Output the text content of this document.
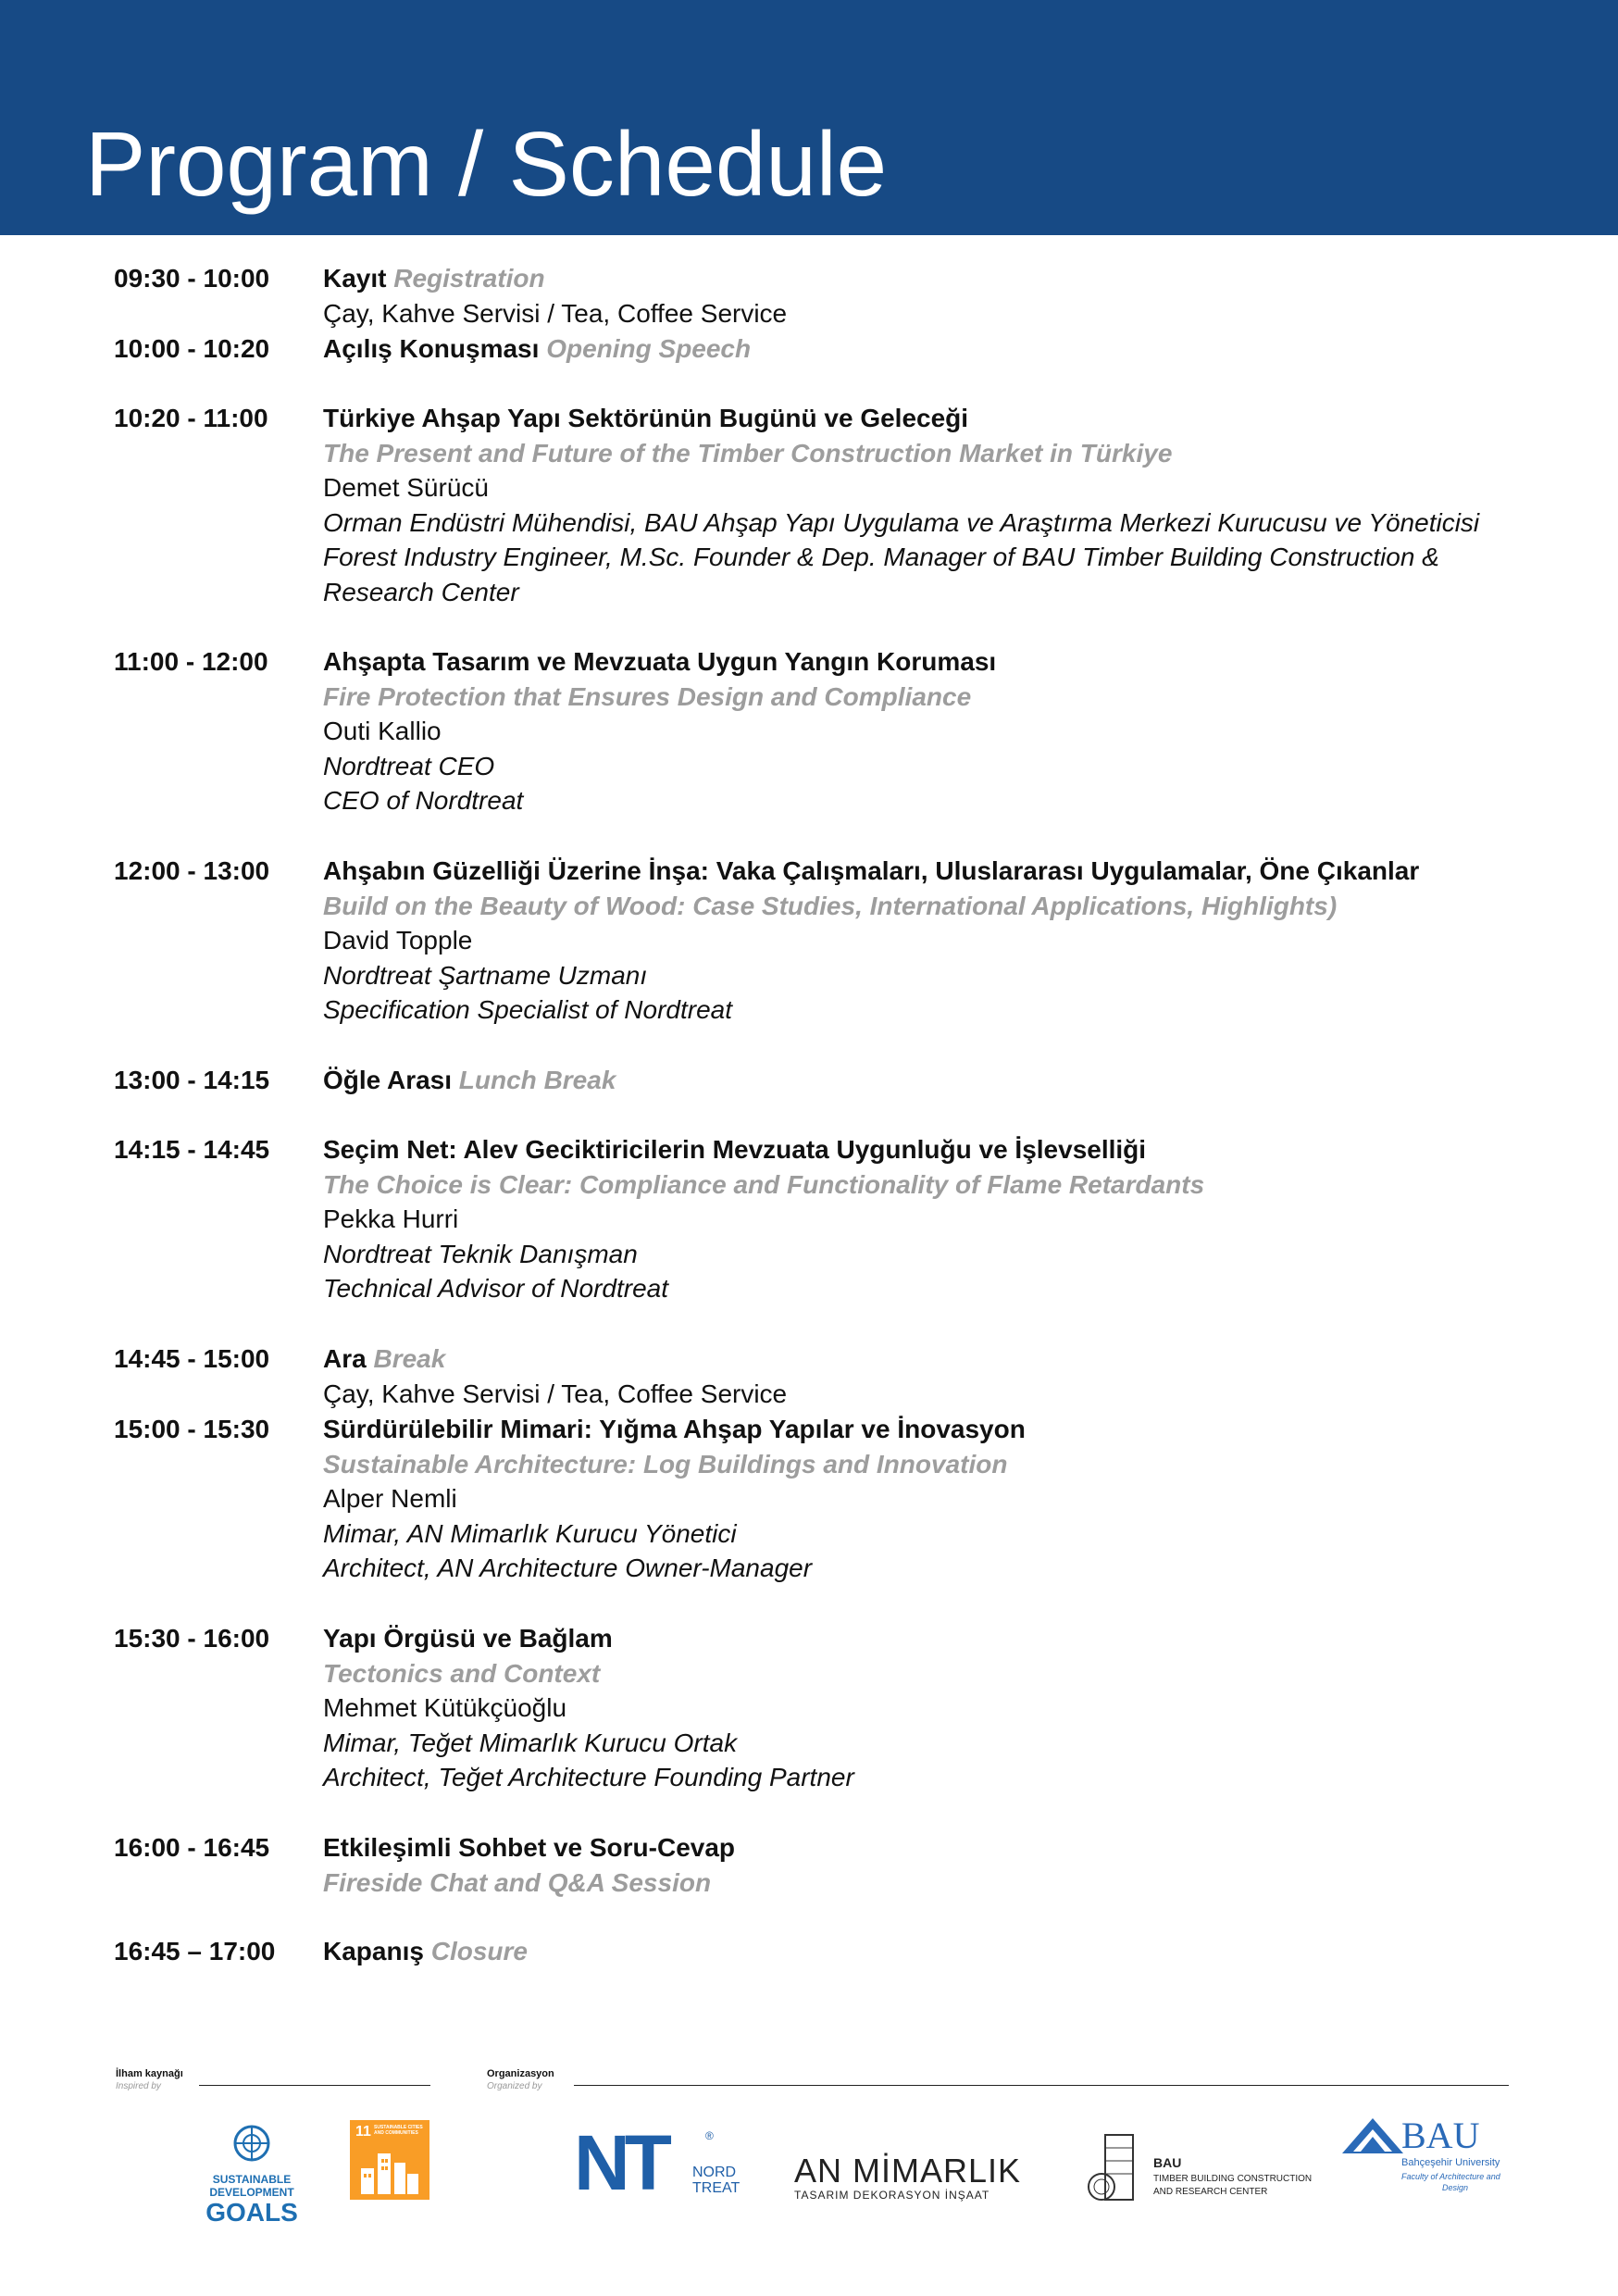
Program / Schedule
09:30 - 10:00 Kayıt Registration
Çay, Kahve Servisi / Tea, Coffee Service
10:00 - 10:20 Açılış Konuşması Opening Speech
10:20 - 11:00 Türkiye Ahşap Yapı Sektörünün Bugünü ve Geleceği
The Present and Future of the Timber Construction Market in Türkiye
Demet Sürücü
Orman Endüstri Mühendisi, BAU Ahşap Yapı Uygulama ve Araştırma Merkezi Kurucusu ve Yöneticisi
Forest Industry Engineer, M.Sc. Founder & Dep. Manager of BAU Timber Building Construction &
Research Center
11:00 - 12:00 Ahşapta Tasarım ve Mevzuata Uygun Yangın Koruması
Fire Protection that Ensures Design and Compliance
Outi Kallio
Nordtreat CEO
CEO of Nordtreat
12:00 - 13:00 Ahşabın Güzelliği Üzerine İnşa: Vaka Çalışmaları, Uluslararası Uygulamalar, Öne Çıkanlar
Build on the Beauty of Wood: Case Studies, International Applications, Highlights)
David Topple
Nordtreat Şartname Uzmanı
Specification Specialist of Nordtreat
13:00 - 14:15 Öğle Arası Lunch Break
14:15 - 14:45 Seçim Net: Alev Geciktiricilerin Mevzuata Uygunluğu ve İşlevselliği
The Choice is Clear: Compliance and Functionality of Flame Retardants
Pekka Hurri
Nordtreat Teknik Danışman
Technical Advisor of Nordtreat
14:45 - 15:00 Ara Break
Çay, Kahve Servisi / Tea, Coffee Service
15:00 - 15:30 Sürdürülebilir Mimari: Yığma Ahşap Yapılar ve İnovasyon
Sustainable Architecture: Log Buildings and Innovation
Alper Nemli
Mimar, AN Mimarlık Kurucu Yönetici
Architect, AN Architecture Owner-Manager
15:30 - 16:00 Yapı Örgüsü ve Bağlam
Tectonics and Context
Mehmet Kütükçüoğlu
Mimar, Teğet Mimarlık Kurucu Ortak
Architect, Teğet Architecture Founding Partner
16:00 - 16:45 Etkileşimli Sohbet ve Soru-Cevap
Fireside Chat and Q&A Session
16:45 – 17:00 Kapanış Closure
İlham kaynağı
Inspired by
Organizasyon
Organized by
SUSTAINABLE
DEVELOPMENT
GOALS
11 SUSTAINABLE CITIES AND COMMUNITIES NT	®
NORD
TREAT AN MİMARLIK
TASARIM DEKORASYON İNŞAAT
BAU
TIMBER BUILDING CONSTRUCTION
AND RESEARCH CENTER
BAU
Bahçeşehir University
Faculty of Architecture and
Design
